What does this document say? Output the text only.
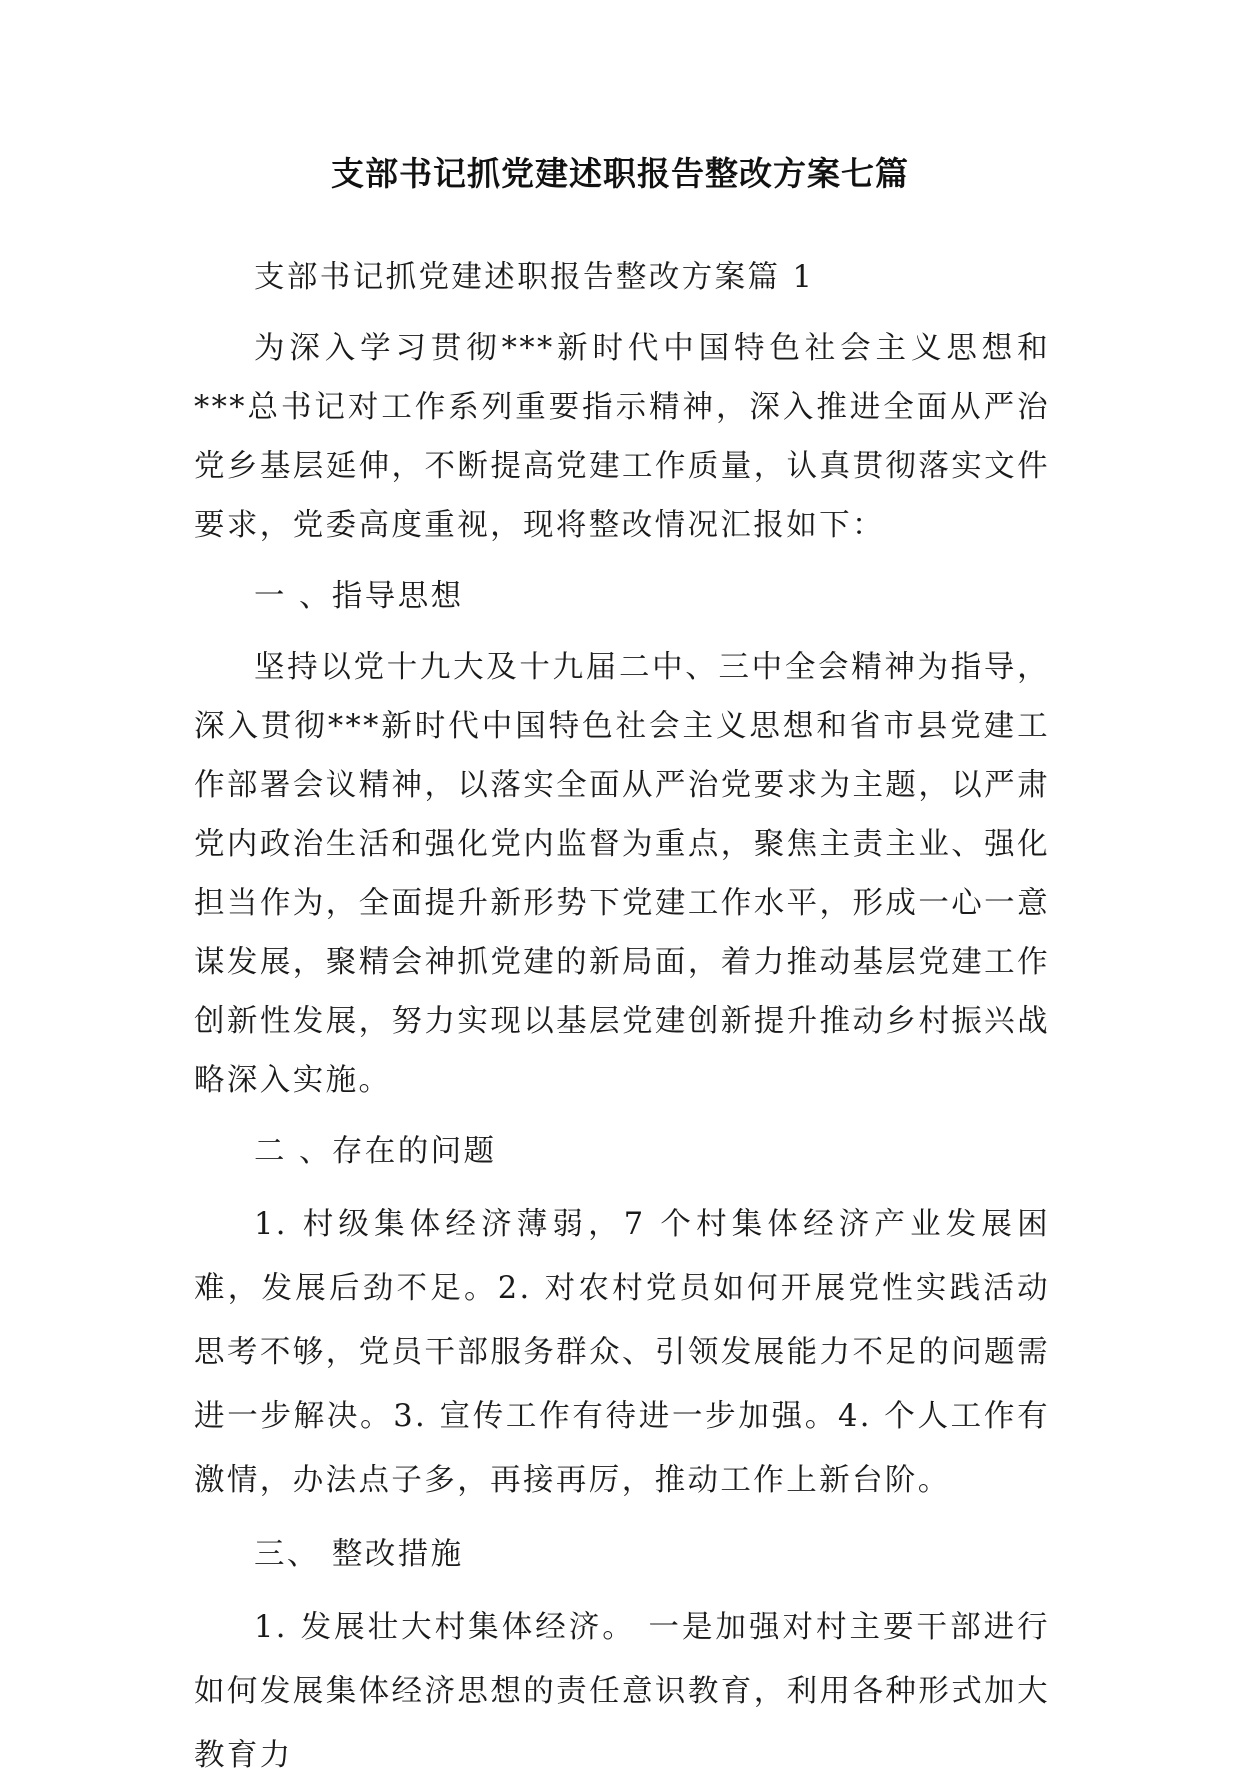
支部书记抓党建述职报告整改方案七篇

支部书记抓党建述职报告整改方案篇 1

为深入学习贯彻***新时代中国特色社会主义思想和***总书记对工作系列重要指示精神，深入推进全面从严治党乡基层延伸，不断提高党建工作质量，认真贯彻落实文件要求，党委高度重视，现将整改情况汇报如下：

一 、指导思想

坚持以党十九大及十九届二中、三中全会精神为指导，深入贯彻***新时代中国特色社会主义思想和省市县党建工作部署会议精神，以落实全面从严治党要求为主题，以严肃党内政治生活和强化党内监督为重点，聚焦主责主业、强化担当作为，全面提升新形势下党建工作水平，形成一心一意谋发展，聚精会神抓党建的新局面，着力推动基层党建工作创新性发展，努力实现以基层党建创新提升推动乡村振兴战略深入实施。

二 、存在的问题

1. 村级集体经济薄弱，7 个村集体经济产业发展困难，发展后劲不足。2. 对农村党员如何开展党性实践活动思考不够，党员干部服务群众、引领发展能力不足的问题需进一步解决。3. 宣传工作有待进一步加强。4. 个人工作有激情，办法点子多，再接再厉，推动工作上新台阶。

三、 整改措施

1. 发展壮大村集体经济。 一是加强对村主要干部进行如何发展集体经济思想的责任意识教育，利用各种形式加大教育力
